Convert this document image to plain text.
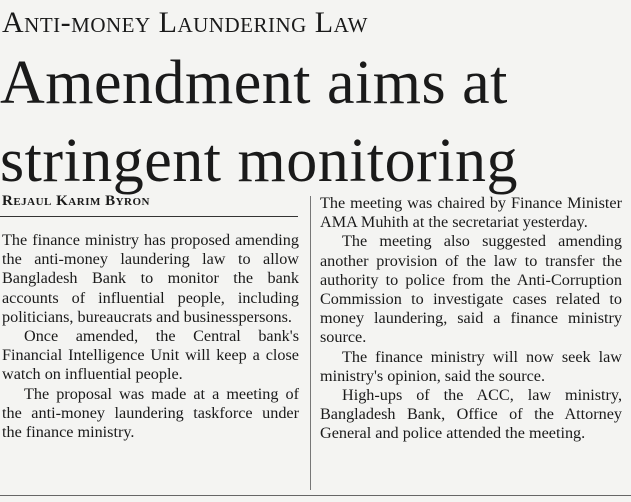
Anti-money Laundering Law
Amendment aims at
stringent monitoring
Rejaul Karim Byron

The finance ministry has proposed amending the anti-money laundering law to allow Bangladesh Bank to monitor the bank accounts of influential people, including politicians, bureaucrats and businesspersons.

Once amended, the Central bank's Financial Intelligence Unit will keep a close watch on influential people.

The proposal was made at a meeting of the anti-money laundering taskforce under the finance ministry.

The meeting was chaired by Finance Minister AMA Muhith at the secretariat yesterday.

The meeting also suggested amending another provision of the law to transfer the authority to police from the Anti-Corruption Commission to investigate cases related to money laundering, said a finance ministry source.

The finance ministry will now seek law ministry's opinion, said the source.

High-ups of the ACC, law ministry, Bangladesh Bank, Office of the Attorney General and police attended the meeting.
